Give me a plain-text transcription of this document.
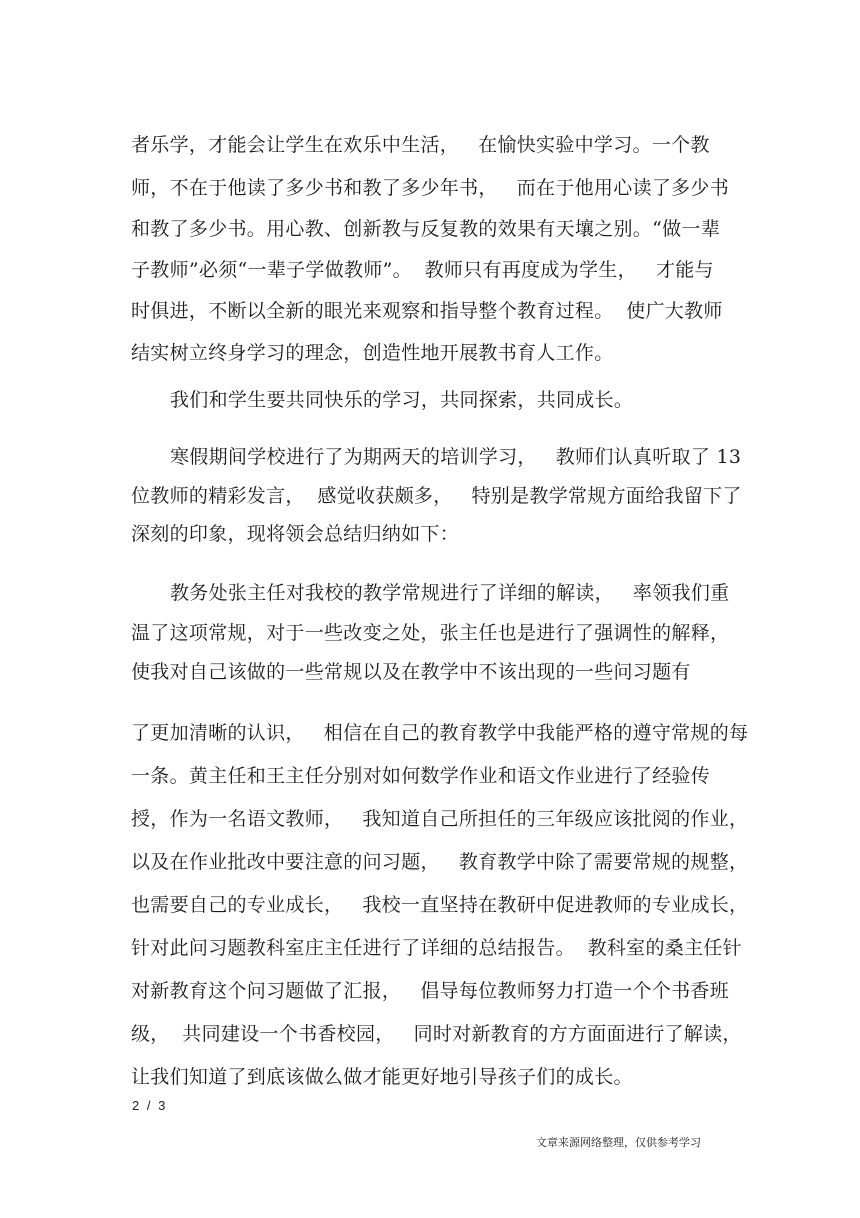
者乐学，才能会让学生在欢乐中生活，   在愉快实验中学习。一个教
师，不在于他读了多少书和教了多少年书，   而在于他用心读了多少书
和教了多少书。用心教、创新教与反复教的效果有天壤之别。“做一辈
子教师”必须“一辈子学做教师”。  教师只有再度成为学生，   才能与
时俱进，不断以全新的眼光来观察和指导整个教育过程。  使广大教师
结实树立终身学习的理念，创造性地开展教书育人工作。
我们和学生要共同快乐的学习，共同探索，共同成长。
寒假期间学校进行了为期两天的培训学习，   教师们认真听取了 13
位教师的精彩发言，  感觉收获颇多，   特别是教学常规方面给我留下了
深刻的印象，现将领会总结归纳如下：
教务处张主任对我校的教学常规进行了详细的解读，   率领我们重
温了这项常规，对于一些改变之处，张主任也是进行了强调性的解释，
使我对自己该做的一些常规以及在教学中不该出现的一些问习题有
了更加清晰的认识，   相信在自己的教育教学中我能严格的遵守常规的每
一条。黄主任和王主任分别对如何数学作业和语文作业进行了经验传
授，作为一名语文教师，   我知道自己所担任的三年级应该批阅的作业，
以及在作业批改中要注意的问习题，   教育教学中除了需要常规的规整，
也需要自己的专业成长，   我校一直坚持在教研中促进教师的专业成长，
针对此问习题教科室庄主任进行了详细的总结报告。  教科室的桑主任针
对新教育这个问习题做了汇报，   倡导每位教师努力打造一个个书香班
级，  共同建设一个书香校园，   同时对新教育的方方面面进行了解读，
让我们知道了到底该做么做才能更好地引导孩子们的成长。
2 / 3
文章来源网络整理，仅供参考学习
